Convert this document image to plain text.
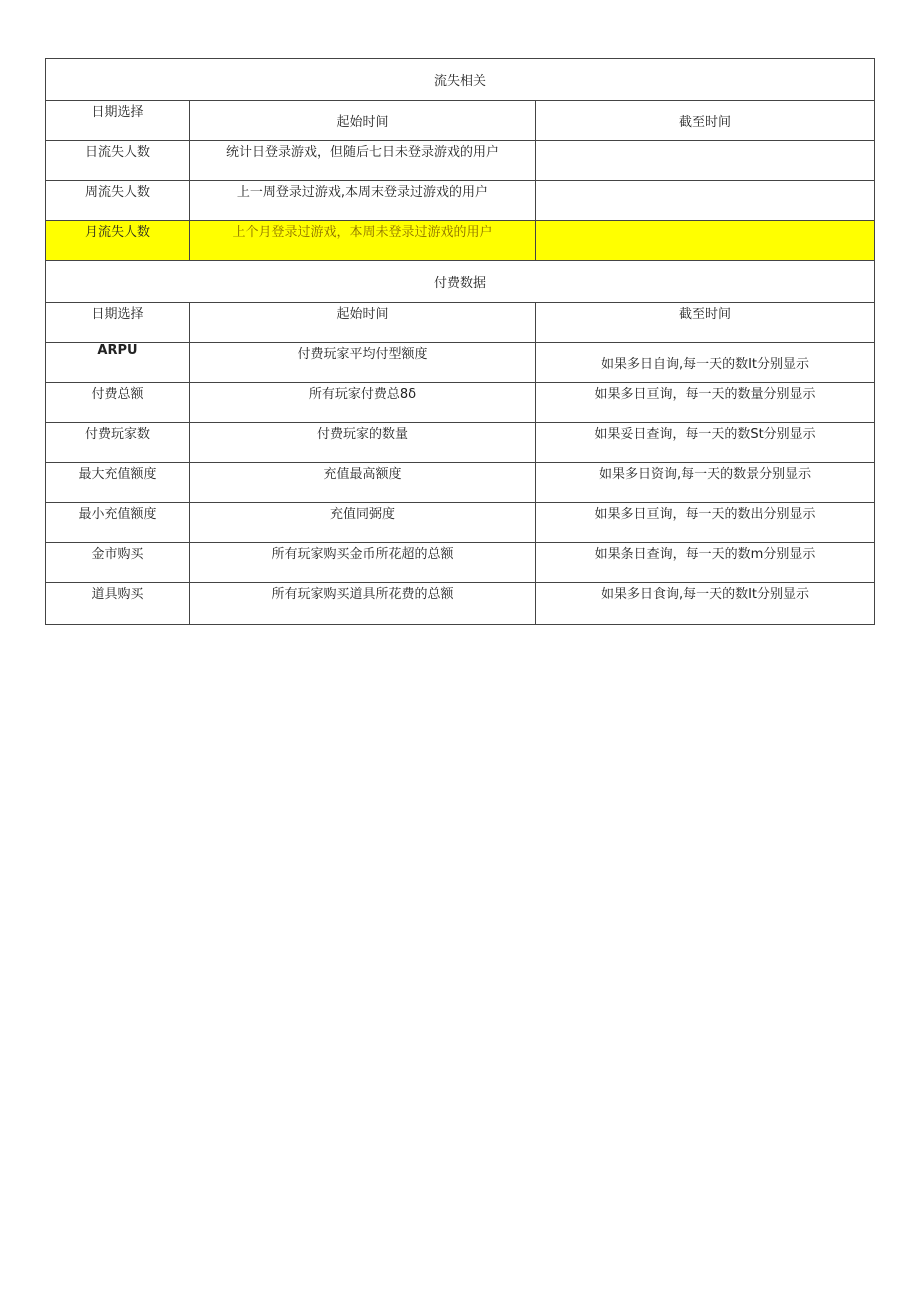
流失相关		
日期选择	起始时间	截至时间
日流失人数	统计日登录游戏，但随后七日未登录游戏的用户	
周流失人数	上一周登录过游戏,本周末登录过游戏的用户	
月流失人数	上个月登录过游戏，本周未登录过游戏的用户	
付费数据		
日期选择	起始时间	截至时间
ARPU	付费玩家平均付型额度	如果多日自询,每一天的数It分别显示
付费总额	所有玩家付费总8δ	如果多日亘询，每一天的数量分别显示
付费玩家数	付费玩家的数量	如果妥日查询，每一天的数St分别显示
最大充值额度	充值最高额度	如果多日资询,每一天的数景分别显示
最小充值额度	充值同弼度	如果多日亘询，每一天的数出分别显示
金市购买	所有玩家购买金币所花超的总额	如果条日查询，每一天的数m分别显示
道具购买	所有玩家购买道具所花费的总额	如果多日食询,每一天的数It分别显示
